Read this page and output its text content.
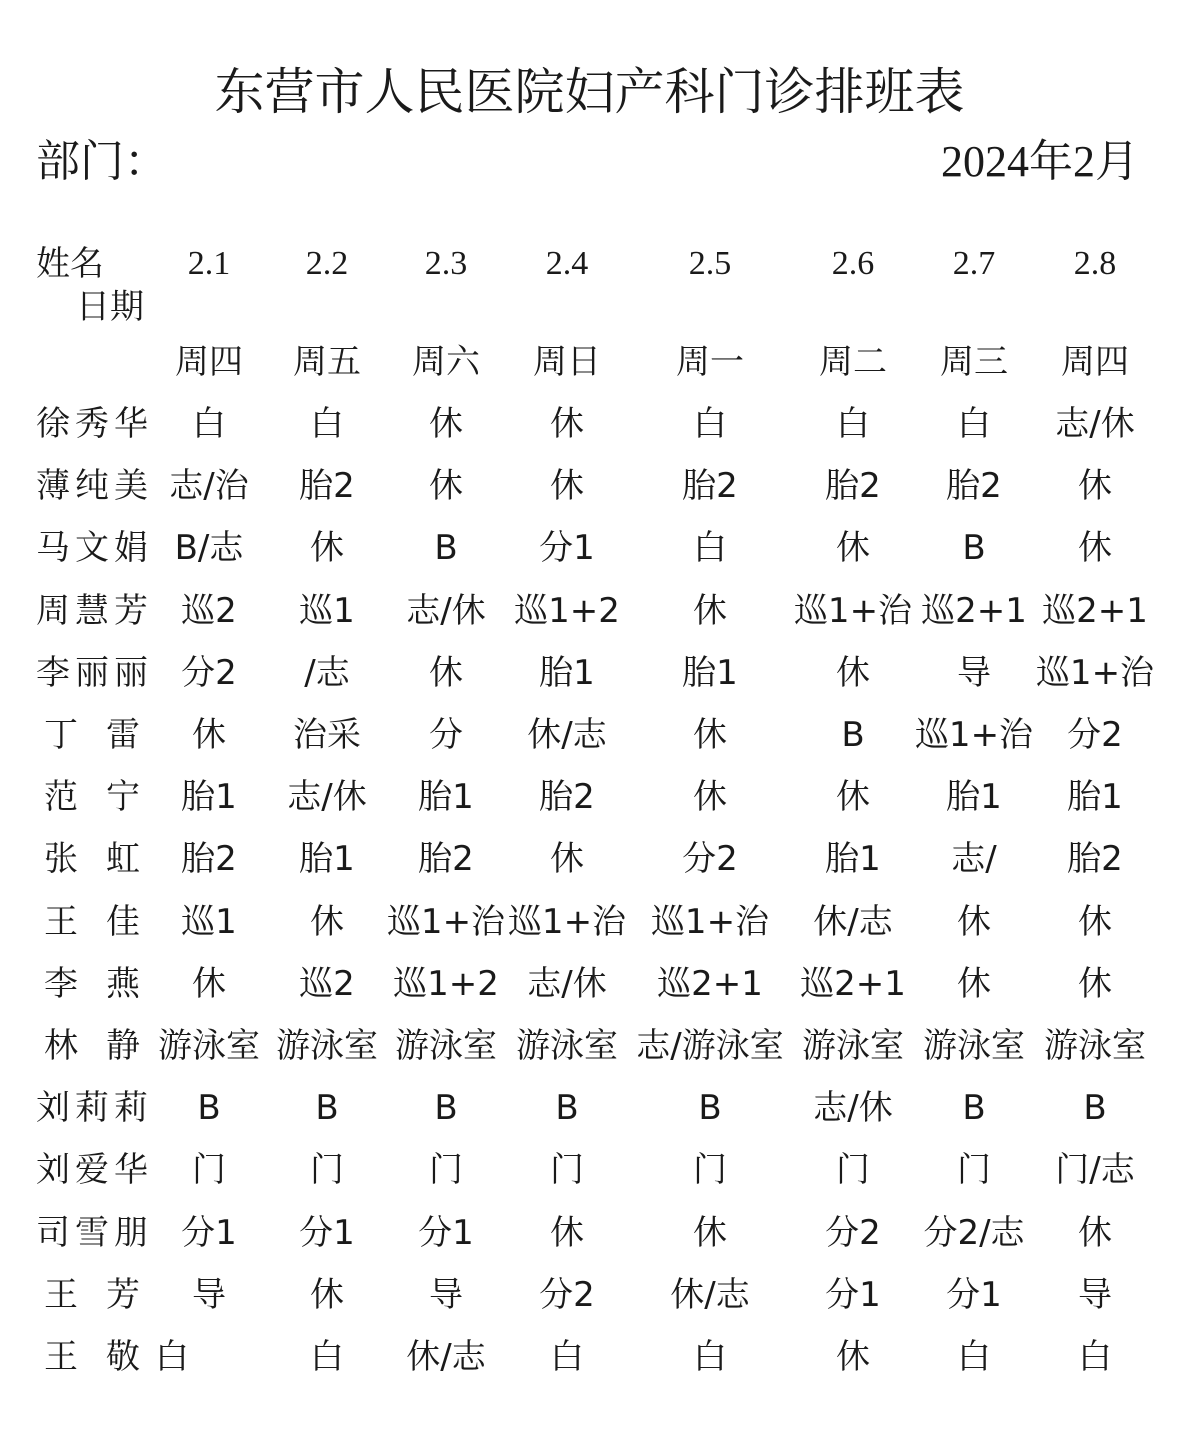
东营市人民医院妇产科门诊排班表
部门：	2024年2月
姓名
日期
2.1 2.2 2.3 2.4	2.5	2.6 2.7 2.8
周四 周五 周六 周日 周一 周二 周三 周四
徐秀华 白 白	休	休	白	白	白 志/休
薄纯美 志/治 胎2 休	休	胎2	胎2 胎2 休
马文娟 B/志 休	B 分1	白	休	B	休
周慧芳 巡2 巡1 志/休 巡1+2 休 巡1+治 巡2+1 巡2+1
李丽丽 分2 /志 休 胎1	胎1	休	导 巡1+治
丁雷 休 治采 分 休/志	休	B 巡1+治 分2
范宁 胎1 志/休 胎1 胎2	休	休 胎1 胎1
张虹 胎2 胎1 胎2 休	分2	胎1 志/ 胎2
王佳 巡1 休 巡1+治 巡1+治 巡1+治 休/志 休	休
李燕 休 巡2 巡1+2 志/休 巡2+1 巡2+1 休	休
林静 游泳室 游泳室 游泳室 游泳室 志/游泳室 游泳室 游泳室 游泳室
刘莉莉 B	B	B	B	B	志/休 B	B
刘爱华 门 门	门	门	门	门	门 门/志
司雪朋 分1 分1 分1 休	休	分2 分2/志 休
王芳 导 休	导 分2 休/志 分1 分1 导
王敬 白	白 休/志 白	白	休	白	白
